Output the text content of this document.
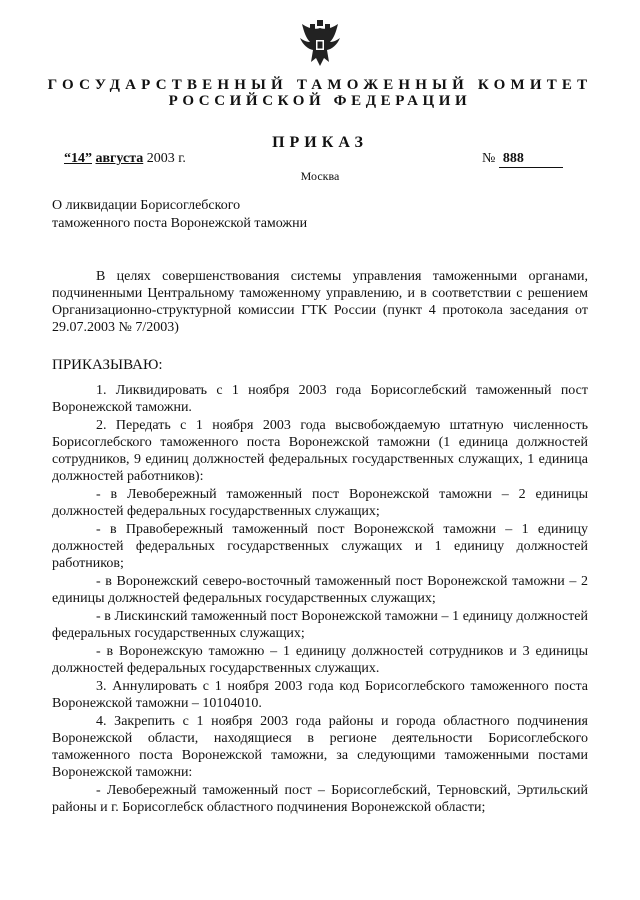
ГОСУДАРСТВЕННЫЙ ТАМОЖЕННЫЙ КОМИТЕТ
РОССИЙСКОЙ ФЕДЕРАЦИИ
ПРИКАЗ
“14” августа 2003 г.	№ 888
Москва
О ликвидации Борисоглебского таможенного поста Воронежской таможни

В целях совершенствования системы управления таможенными органами, подчиненными Центральному таможенному управлению, и в соответствии с решением Организационно-структурной комиссии ГТК России (пункт 4 протокола заседания от 29.07.2003 № 7/2003)

ПРИКАЗЫВАЮ:

1. Ликвидировать с 1 ноября 2003 года Борисоглебский таможенный пост Воронежской таможни.

2. Передать с 1 ноября 2003 года высвобождаемую штатную численность Борисоглебского таможенного поста Воронежской таможни (1 единица должностей сотрудников, 9 единиц должностей федеральных государственных служащих, 1 единица должностей работников):

- в Левобережный таможенный пост Воронежской таможни – 2 единицы должностей федеральных государственных служащих;

- в Правобережный таможенный пост Воронежской таможни – 1 единицу должностей федеральных государственных служащих и 1 единицу должностей работников;

- в Воронежский северо-восточный таможенный пост Воронежской таможни – 2 единицы должностей федеральных государственных служащих;

- в Лискинский таможенный пост Воронежской таможни – 1 единицу должностей федеральных государственных служащих;

- в Воронежскую таможню – 1 единицу должностей сотрудников и 3 единицы должностей федеральных государственных служащих.

3. Аннулировать с 1 ноября 2003 года код Борисоглебского таможенного поста Воронежской таможни – 10104010.

4. Закрепить с 1 ноября 2003 года районы и города областного подчинения Воронежской области, находящиеся в регионе деятельности Борисоглебского таможенного поста Воронежской таможни, за следующими таможенными постами Воронежской таможни:

- Левобережный таможенный пост – Борисоглебский, Терновский, Эртильский районы и г. Борисоглебск областного подчинения Воронежской области;
